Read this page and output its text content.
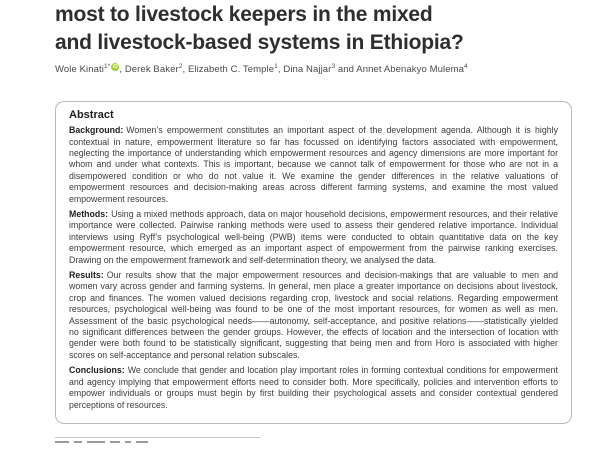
most to livestock keepers in the mixed
and livestock-based systems in Ethiopia?
Wole Kinati$^{1*}$ iD, Derek Baker$^2$, Elizabeth C. Temple$^1$, Dina Najjar$^3$ and Annet Abenakyo Mulema$^4$
Abstract

Background: Women’s empowerment constitutes an important aspect of the development agenda. Although it is highly contextual in nature, empowerment literature so far has focussed on identifying factors associated with empowerment, neglecting the importance of understanding which empowerment resources and agency dimensions are more important for whom and under what contexts. This is important, because we cannot talk of empowerment for those who are not in a disempowered condition or who do not value it. We examine the gender differences in the relative valuations of empowerment resources and decision-making areas across different farming systems, and examine the most valued empowerment resources.

Methods: Using a mixed methods approach, data on major household decisions, empowerment resources, and their relative importance were collected. Pairwise ranking methods were used to assess their gendered relative importance. Individual interviews using Ryff’s psychological well-being (PWB) items were conducted to obtain quantitative data on the key empowerment resource, which emerged as an important aspect of empowerment from the pairwise ranking exercises. Drawing on the empowerment framework and self-determination theory, we analysed the data.

Results: Our results show that the major empowerment resources and decision-makings that are valuable to men and women vary across gender and farming systems. In general, men place a greater importance on decisions about livestock, crop and finances. The women valued decisions regarding crop, livestock and social relations. Regarding empowerment resources, psychological well-being was found to be one of the most important resources, for women as well as men. Assessment of the basic psychological needs——autonomy, self-acceptance, and positive relations——statistically yielded no significant differences between the gender groups. However, the effects of location and the intersection of location with gender were both found to be statistically significant, suggesting that being men and from Horo is associated with higher scores on self-acceptance and personal relation subscales.

Conclusions: We conclude that gender and location play important roles in forming contextual conditions for empowerment and agency implying that empowerment efforts need to consider both. More specifically, policies and intervention efforts to empower individuals or groups must begin by first building their psychological assets and consider contextual gendered perceptions of resources.
